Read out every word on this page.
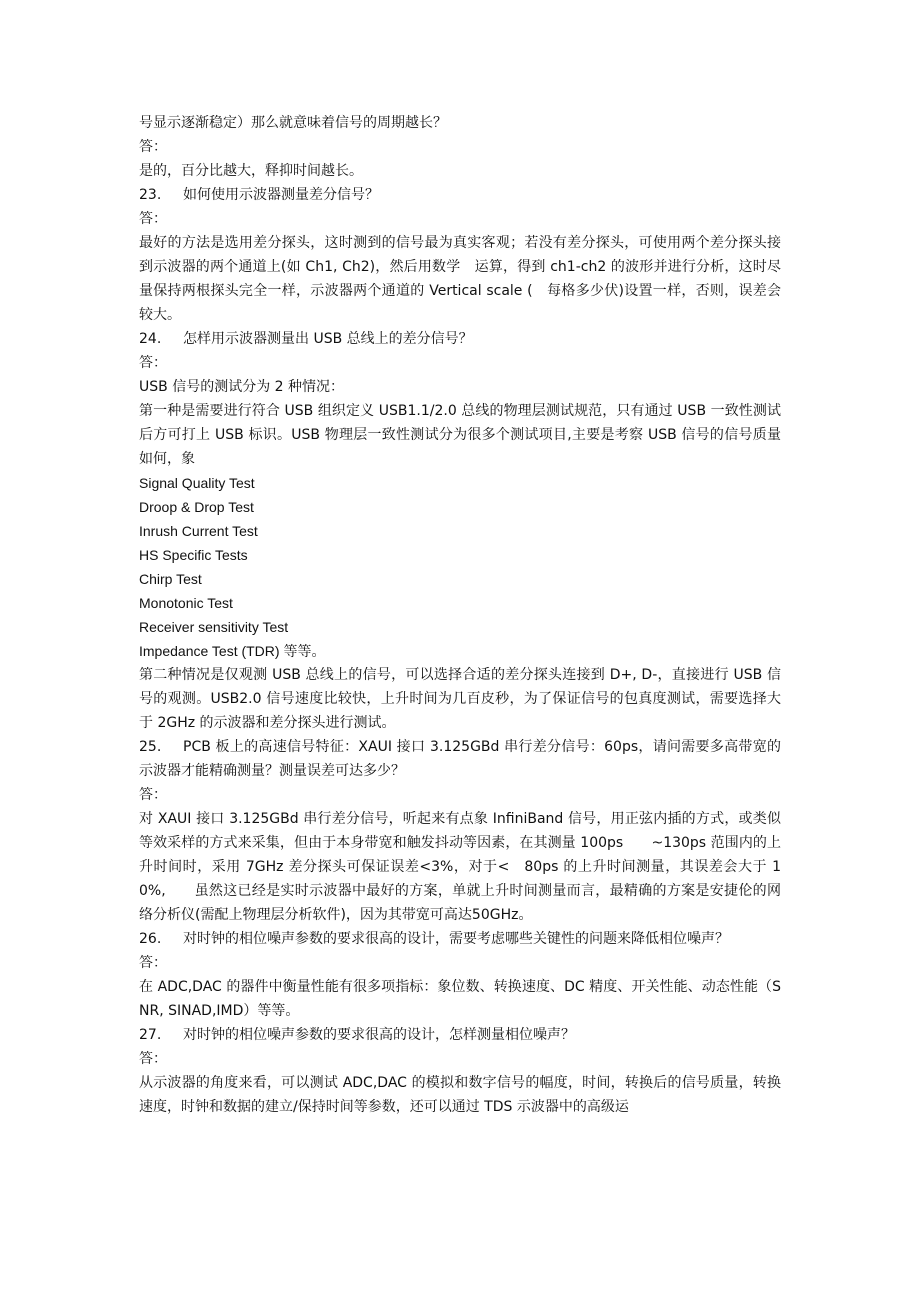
号显示逐渐稳定）那么就意味着信号的周期越长？

答：

是的，百分比越大，释抑时间越长。

23. 如何使用示波器测量差分信号？

答：

最好的方法是选用差分探头，这时测到的信号最为真实客观；若没有差分探头，可使用两个差分探头接到示波器的两个通道上(如 Ch1, Ch2)，然后用数学　运算，得到 ch1-ch2 的波形并进行分析，这时尽量保持两根探头完全一样，示波器两个通道的 Vertical scale (　每格多少伏)设置一样，否则，误差会较大。

24. 怎样用示波器测量出 USB 总线上的差分信号？

答：

USB 信号的测试分为 2 种情况：

第一种是需要进行符合 USB 组织定义 USB1.1/2.0 总线的物理层测试规范，只有通过 USB 一致性测试后方可打上 USB 标识。USB 物理层一致性测试分为很多个测试项目,主要是考察 USB 信号的信号质量如何，象

Signal Quality Test

Droop & Drop Test

Inrush Current Test

HS Specific Tests

Chirp Test

Monotonic Test

Receiver sensitivity Test

Impedance Test (TDR) 等等。

第二种情况是仅观测 USB 总线上的信号，可以选择合适的差分探头连接到 D+, D-，直接进行 USB 信号的观测。USB2.0 信号速度比较快，上升时间为几百皮秒，为了保证信号的包真度测试，需要选择大于 2GHz 的示波器和差分探头进行测试。

25. PCB 板上的高速信号特征：XAUI 接口 3.125GBd 串行差分信号：60ps，请问需要多高带宽的示波器才能精确测量？测量误差可达多少？

答：

对 XAUI 接口 3.125GBd 串行差分信号，听起来有点象 InfiniBand 信号，用正弦内插的方式，或类似等效采样的方式来采集，但由于本身带宽和触发抖动等因素，在其测量 100ps　　~130ps 范围内的上升时间时，采用 7GHz 差分探头可保证误差<3%，对于<　80ps 的上升时间测量，其误差会大于 10%,　　虽然这已经是实时示波器中最好的方案，单就上升时间测量而言，最精确的方案是安捷伦的网络分析仪(需配上物理层分析软件)，因为其带宽可高达50GHz。

26. 对时钟的相位噪声参数的要求很高的设计，需要考虑哪些关键性的问题来降低相位噪声？

答：

在 ADC,DAC 的器件中衡量性能有很多项指标：象位数、转换速度、DC 精度、开关性能、动态性能（SNR, SINAD,IMD）等等。

27. 对时钟的相位噪声参数的要求很高的设计，怎样测量相位噪声？

答：

从示波器的角度来看，可以测试 ADC,DAC 的模拟和数字信号的幅度，时间，转换后的信号质量，转换速度，时钟和数据的建立/保持时间等参数，还可以通过 TDS 示波器中的高级运
